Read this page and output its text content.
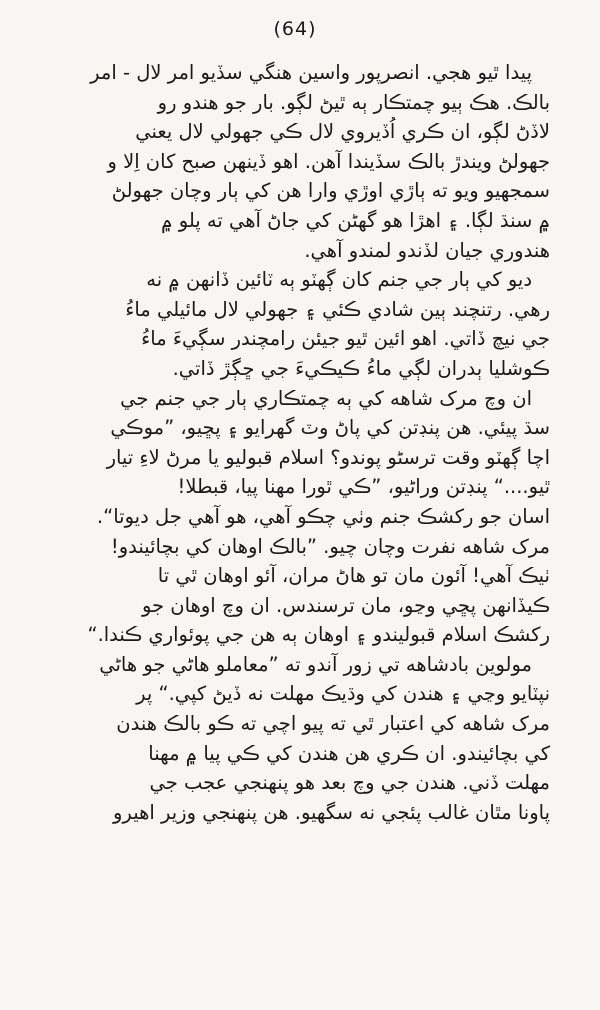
(64)
پيدا ٿيو هجي. انصرپور واسين هنگي سڏيو امر لال - امر
بالڪ. هڪ ٻيو چمتڪار ٻه ٿيڻ لڳو. بار جو هندو رو
لاڏڻ لڳو، ان ڪري اُڏيروي لال ڪي جهولي لال يعني
جهولڻ ويندڙ بالڪ سڏيندا آهن. اهو ڏينهن صبح کان اِلا و
سمجهيو ويو ته ٻاڙي اوڙي وارا هن کي ٻار وچان جهولڻ
۾ سنڌ لڳا. ۽ اهڙا هو گهڻن کي جاڻ آهي ته پلو ۾
هندوري جيان لڏندو لمندو آهي.
ديو کي ٻار جي جنم کان ڳهٽو ٻه ٽائين ڏانهن ۾ نه
رهي. رتنچند ٻين شادي ڪئي ۽ جهولي لال مائيلي ماءُ
جي نيچ ڏاتي. اهو ائين ٿيو جيئن رامچندر سڳيءَ ماءُ
ڪوشليا ٻدران لڳي ماءُ ڪيڪيءَ جي ڇڳڙ ڏاتي.
ان وچ مرک شاهه کي ٻه چمتڪاري ٻار جي جنم جي
سڌ پيئي. هن پنڊتن کي پاڻ وٽ گهرايو ۽ پڇيو، ”موڪي
اچا ڳهٽو وقت ترسڻو پوندو؟ اسلام قبوليو يا مرڻ لاءِ تيار
ٿيو....“ پنڊتن وراڻيو، ”ڪي ٿورا مهنا پيا، قبطلا!
اسان جو رکشڪ جنم وٺي چڪو آهي، هو آهي جل ديوتا“.
مرک شاهه نفرت وچان چيو. ”بالڪ اوهان کي بچائيندو!
ٺيڪ آهي! آئون مان تو هاڻ مران، آئو اوهان ٿي تا
ڪيڏانهن پڇي وڃو، مان ترسندس. ان وچ اوهان جو
رکشڪ اسلام قبوليندو ۽ اوهان ٻه هن جي پوئواري ڪندا.“
مولوين بادشاهه تي زور آندو ته ”معاملو هاڻي جو هاڻي
نپٽايو وڃي ۽ هندن کي وڌيڪ مهلت نه ڏيڻ کپي.“ پر
مرک شاهه کي اعتبار ٿي ته پيو اچي ته ڪو بالڪ هندن
کي بچائيندو. ان ڪري هن هندن کي ڪي پيا ۾ مهنا
مهلت ڏني. هندن جي وچ بعد هو پنهنجي عجب جي
پاونا مٿان غالب پئجي نه سگهيو. هن پنهنجي وزير اهيرو
